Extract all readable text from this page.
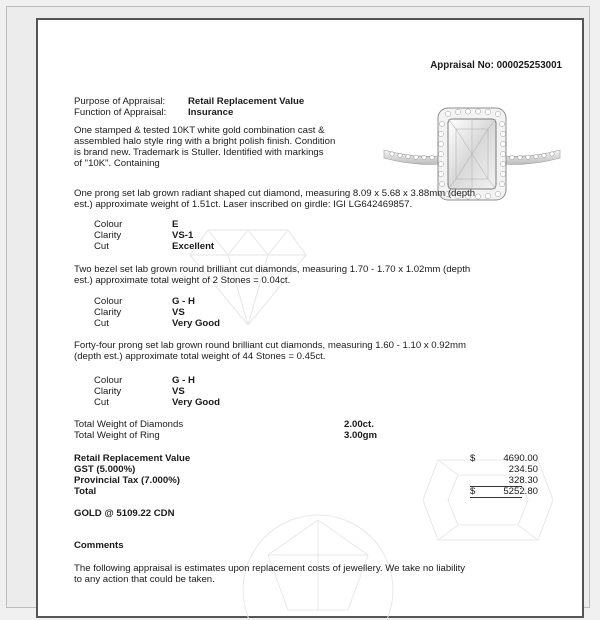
Appraisal No: 000025253001
Purpose of Appraisal: Retail Replacement Value
Function of Appraisal: Insurance
One stamped & tested 10KT white gold combination cast &
assembled halo style ring with a bright polish finish. Condition
is brand new. Trademark is Stuller. Identified with markings
of "10K". Containing
One prong set lab grown radiant shaped cut diamond, measuring 8.09 x 5.68 x 3.88mm (depth
est.) approximate weight of 1.51ct. Laser inscribed on girdle: IGI LG642469857.
Colour	E
Clarity	VS-1
Cut	Excellent
Two bezel set lab grown round brilliant cut diamonds, measuring 1.70 - 1.70 x 1.02mm (depth
est.) approximate total weight of 2 Stones = 0.04ct.
Colour	G - H
Clarity	VS
Cut	Very Good
Forty-four prong set lab grown round brilliant cut diamonds, measuring 1.60 - 1.10 x 0.92mm
(depth est.) approximate total weight of 44 Stones = 0.45ct.
Colour	G - H
Clarity	VS
Cut	Very Good
Total Weight of Diamonds	2.00ct.
Total Weight of Ring	3.00gm
Retail Replacement Value	$	4690.00
GST (5.000%)	234.50
Provincial Tax (7.000%)	328.30
Total	$	5252.80
GOLD @ 5109.22 CDN
Comments
The following appraisal is estimates upon replacement costs of jewellery. We take no liability
to any action that could be taken.
